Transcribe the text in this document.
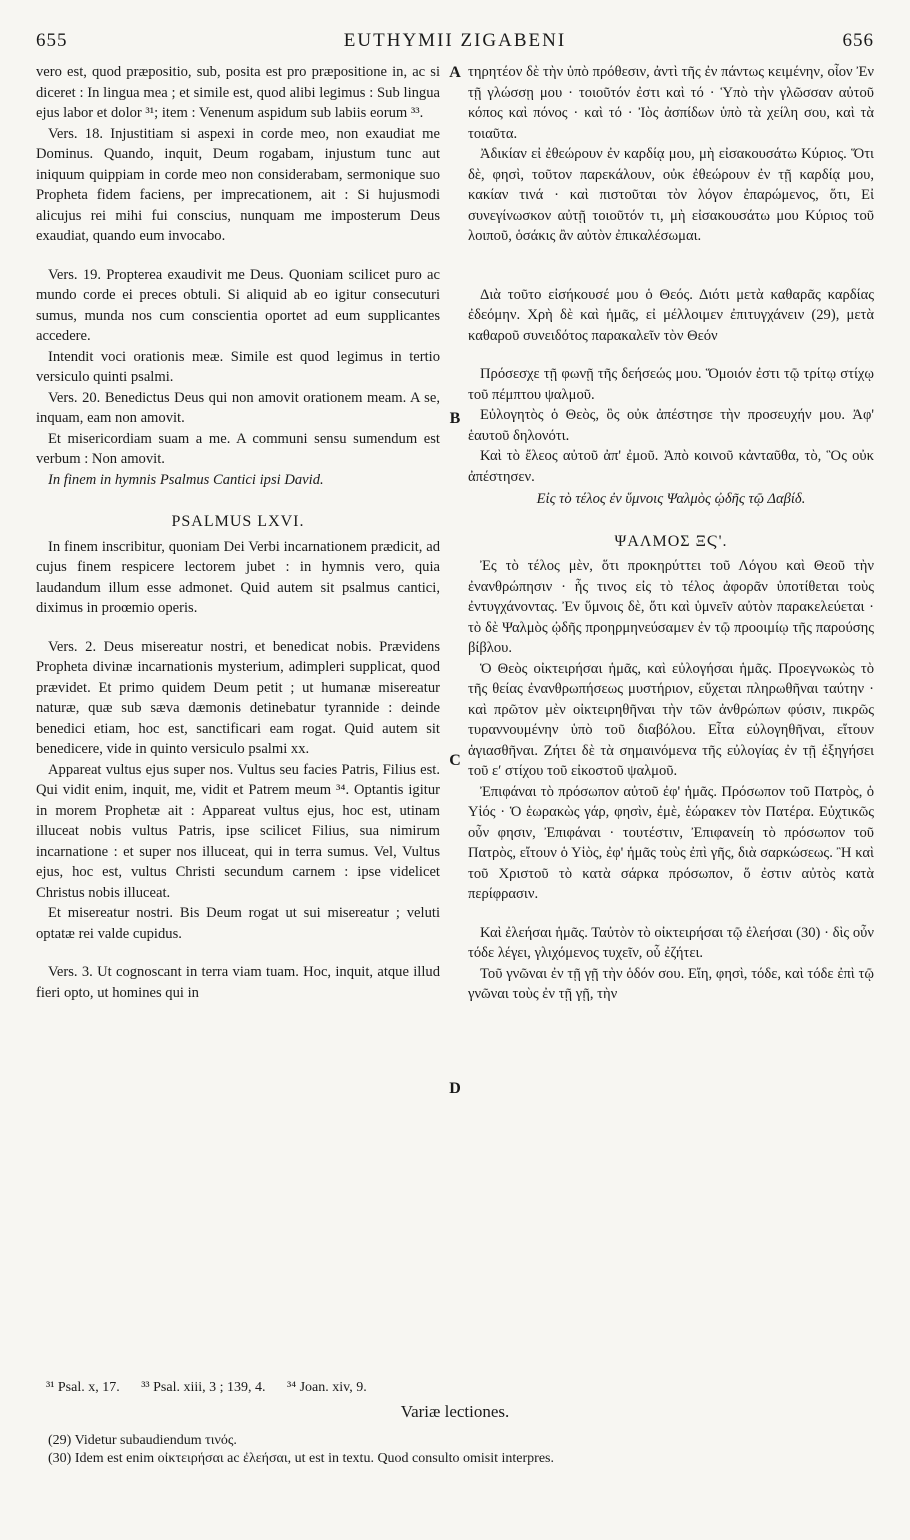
655	EUTHYMII ZIGABENI	656
A
B
C
D

vero est, quod præpositio, sub, posita est pro præpositione in, ac si diceret : In lingua mea ; et simile est, quod alibi legimus : Sub lingua ejus labor et dolor ³¹; item : Venenum aspidum sub labiis eorum ³³.

Vers. 18. Injustitiam si aspexi in corde meo, non exaudiat me Dominus. Quando, inquit, Deum rogabam, injustum tunc aut iniquum quippiam in corde meo non considerabam, sermonique suo Propheta fidem faciens, per imprecationem, ait : Si hujusmodi alicujus rei mihi fui conscius, nunquam me imposterum Deus exaudiat, quando eum invocabo.

Vers. 19. Propterea exaudivit me Deus. Quoniam scilicet puro ac mundo corde ei preces obtuli. Si aliquid ab eo igitur consecuturi sumus, munda nos cum conscientia oportet ad eum supplicantes accedere.

Intendit voci orationis meæ. Simile est quod legimus in tertio versiculo quinti psalmi.

Vers. 20. Benedictus Deus qui non amovit orationem meam. A se, inquam, eam non amovit.

Et misericordiam suam a me. A communi sensu sumendum est verbum : Non amovit.

In finem in hymnis Psalmus Cantici ipsi David.

PSALMUS LXVI.

In finem inscribitur, quoniam Dei Verbi incarnationem prædicit, ad cujus finem respicere lectorem jubet : in hymnis vero, quia laudandum illum esse admonet. Quid autem sit psalmus cantici, diximus in proœmio operis.

Vers. 2. Deus misereatur nostri, et benedicat nobis. Prævidens Propheta divinæ incarnationis mysterium, adimpleri supplicat, quod prævidet. Et primo quidem Deum petit ; ut humanæ misereatur naturæ, quæ sub sæva dæmonis detinebatur tyrannide : deinde benedici etiam, hoc est, sanctificari eam rogat. Quid autem sit benedicere, vide in quinto versiculo psalmi xx.

Appareat vultus ejus super nos. Vultus seu facies Patris, Filius est. Qui vidit enim, inquit, me, vidit et Patrem meum ³⁴. Optantis igitur in morem Prophetæ ait : Appareat vultus ejus, hoc est, utinam illuceat nobis vultus Patris, ipse scilicet Filius, sua nimirum incarnatione : et super nos illuceat, qui in terra sumus. Vel, Vultus ejus, hoc est, vultus Christi secundum carnem : ipse videlicet Christus nobis illuceat.

Et misereatur nostri. Bis Deum rogat ut sui misereatur ; veluti optatæ rei valde cupidus.

Vers. 3. Ut cognoscant in terra viam tuam. Hoc, inquit, atque illud fieri opto, ut homines qui in

τηρητέον δὲ τὴν ὑπὸ πρόθεσιν, ἀντὶ τῆς ἐν πάντως κειμένην, οἷον Ἐν τῇ γλώσσῃ μου · τοιοῦτόν ἐστι καὶ τό · Ὑπὸ τὴν γλῶσσαν αὐτοῦ κόπος καὶ πόνος · καὶ τό · Ἰὸς ἀσπίδων ὑπὸ τὰ χείλη σου, καὶ τὰ τοιαῦτα.

Ἀδικίαν εἰ ἐθεώρουν ἐν καρδίᾳ μου, μὴ εἰσακουσάτω Κύριος. Ὅτι δὲ, φησὶ, τοῦτον παρεκάλουν, οὐκ ἐθεώρουν ἐν τῇ καρδίᾳ μου, κακίαν τινά · καὶ πιστοῦται τὸν λόγον ἐπαρώμενος, ὅτι, Εἰ συνεγίνωσκον αὐτῇ τοιοῦτόν τι, μὴ εἰσακουσάτω μου Κύριος τοῦ λοιποῦ, ὁσάκις ἂν αὐτὸν ἐπικαλέσωμαι.

Διὰ τοῦτο εἰσήκουσέ μου ὁ Θεός. Διότι μετὰ καθαρᾶς καρδίας ἐδεόμην. Χρὴ δὲ καὶ ἡμᾶς, εἰ μέλλοιμεν ἐπιτυγχάνειν (29), μετὰ καθαροῦ συνειδότος παρακαλεῖν τὸν Θεόν

Πρόσεσχε τῇ φωνῇ τῆς δεήσεώς μου. Ὅμοιόν ἐστι τῷ τρίτῳ στίχῳ τοῦ πέμπτου ψαλμοῦ.

Εὐλογητὸς ὁ Θεὸς, ὃς οὐκ ἀπέστησε τὴν προσευχήν μου. Ἀφ' ἑαυτοῦ δηλονότι.

Καὶ τὸ ἔλεος αὐτοῦ ἀπ' ἐμοῦ. Ἀπὸ κοινοῦ κἀνταῦθα, τὸ, Ὃς οὐκ ἀπέστησεν.

Εἰς τὸ τέλος ἐν ὕμνοις Ψαλμὸς ᾠδῆς τῷ Δαβίδ.

ΨΑΛΜΟΣ ΞϚ'.

Ἐς τὸ τέλος μὲν, ὅτι προκηρύττει τοῦ Λόγου καὶ Θεοῦ τὴν ἐνανθρώπησιν · ἧς τινος εἰς τὸ τέλος ἀφορᾶν ὑποτίθεται τοὺς ἐντυγχάνοντας. Ἐν ὕμνοις δὲ, ὅτι καὶ ὑμνεῖν αὐτὸν παρακελεύεται · τὸ δὲ Ψαλμὸς ᾠδῆς προηρμηνεύσαμεν ἐν τῷ προοιμίῳ τῆς παρούσης βίβλου.

Ὁ Θεὸς οἰκτειρήσαι ἡμᾶς, καὶ εὐλογήσαι ἡμᾶς. Προεγνωκὼς τὸ τῆς θείας ἐνανθρωπήσεως μυστήριον, εὔχεται πληρωθῆναι ταύτην · καὶ πρῶτον μὲν οἰκτειρηθῆναι τὴν τῶν ἀνθρώπων φύσιν, πικρῶς τυραννουμένην ὑπὸ τοῦ διαβόλου. Εἶτα εὐλογηθῆναι, εἴτουν ἁγιασθῆναι. Ζήτει δὲ τὰ σημαινόμενα τῆς εὐλογίας ἐν τῇ ἐξηγήσει τοῦ εʹ στίχου τοῦ εἰκοστοῦ ψαλμοῦ.

Ἐπιφάναι τὸ πρόσωπον αὐτοῦ ἐφ' ἡμᾶς. Πρόσωπον τοῦ Πατρὸς, ὁ Υἱός · Ὁ ἑωρακὼς γάρ, φησὶν, ἐμὲ, ἑώρακεν τὸν Πατέρα. Εὐχτικῶς οὖν φησιν, Ἐπιφάναι · τουτέστιν, Ἐπιφανείη τὸ πρόσωπον τοῦ Πατρὸς, εἴτουν ὁ Υἱὸς, ἐφ' ἡμᾶς τοὺς ἐπὶ γῆς, διὰ σαρκώσεως. Ἢ καὶ τοῦ Χριστοῦ τὸ κατὰ σάρκα πρόσωπον, ὅ ἐστιν αὐτὸς κατὰ περίφρασιν.

Καὶ ἐλεήσαι ἡμᾶς. Ταὐτὸν τὸ οἰκτειρήσαι τῷ ἐλεήσαι (30) · δὶς οὖν τόδε λέγει, γλιχόμενος τυχεῖν, οὗ ἐζήτει.

Τοῦ γνῶναι ἐν τῇ γῇ τὴν ὁδόν σου. Εἴη, φησὶ, τόδε, καὶ τόδε ἐπὶ τῷ γνῶναι τοὺς ἐν τῇ γῇ, τὴν

³¹ Psal. x, 17. ³³ Psal. xiii, 3 ; 139, 4. ³⁴ Joan. xiv, 9.
Variæ lectiones.
(29) Videtur subaudiendum τινός.
(30) Idem est enim οἰκτειρήσαι ac ἐλεήσαι, ut est in textu. Quod consulto omisit interpres.
